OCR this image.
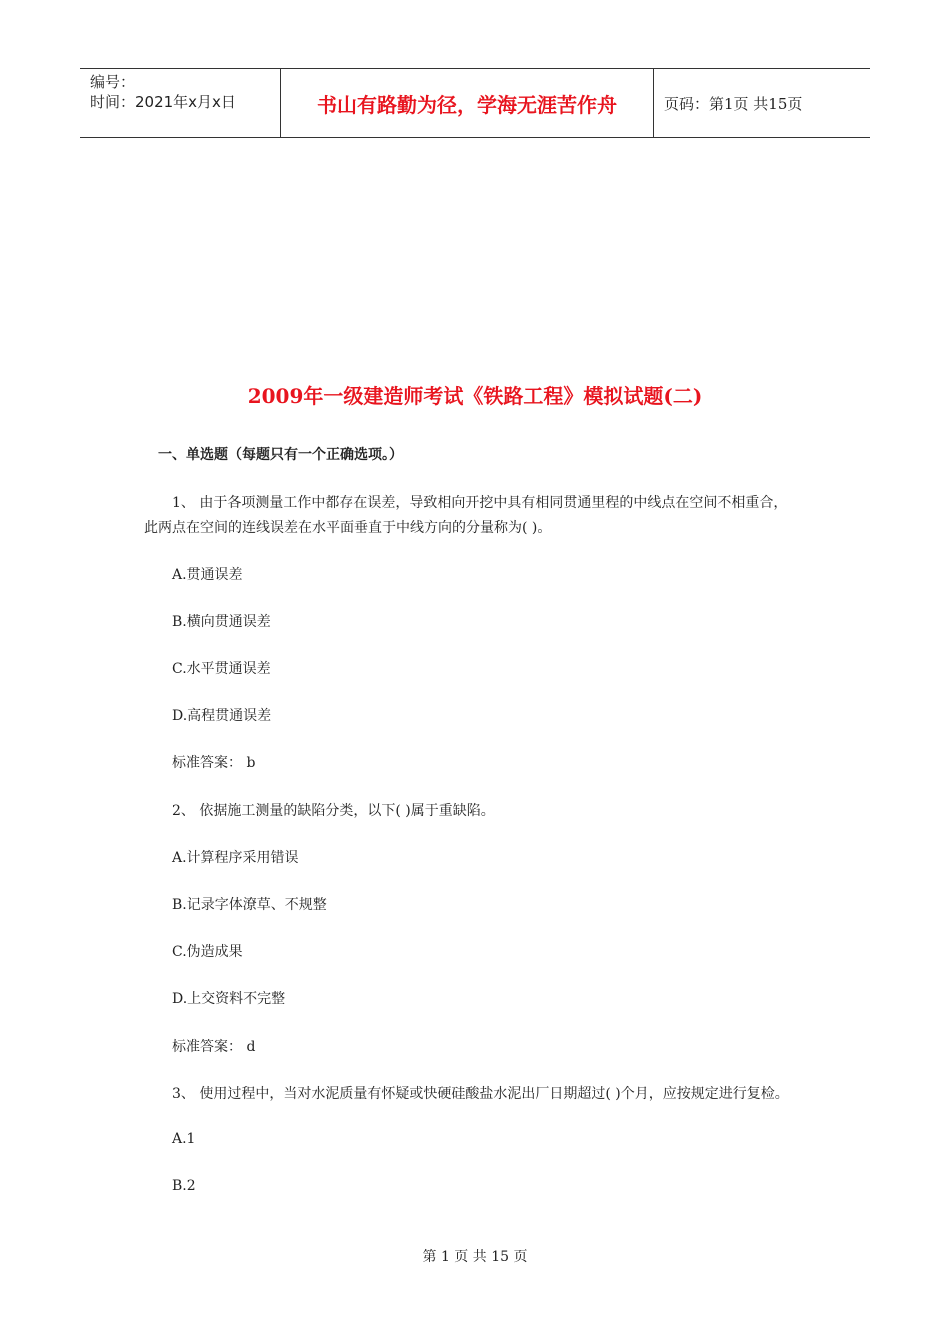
编号：
时间：2021年x月x日	书山有路勤为径，学海无涯苦作舟	页码：第1页 共15页
2009年一级建造师考试《铁路工程》模拟试题(二)
一、单选题（每题只有一个正确选项。）
1、 由于各项测量工作中都存在误差，导致相向开挖中具有相同贯通里程的中线点在空间不相重合，
此两点在空间的连线误差在水平面垂直于中线方向的分量称为( )。
A.贯通误差
B.横向贯通误差
C.水平贯通误差
D.高程贯通误差
标准答案： b
2、 依据施工测量的缺陷分类，以下( )属于重缺陷。
A.计算程序采用错误
B.记录字体潦草、不规整
C.伪造成果
D.上交资料不完整
标准答案： d
3、 使用过程中，当对水泥质量有怀疑或快硬硅酸盐水泥出厂日期超过( )个月，应按规定进行复检。
A.1
B.2
第 1 页 共 15 页
